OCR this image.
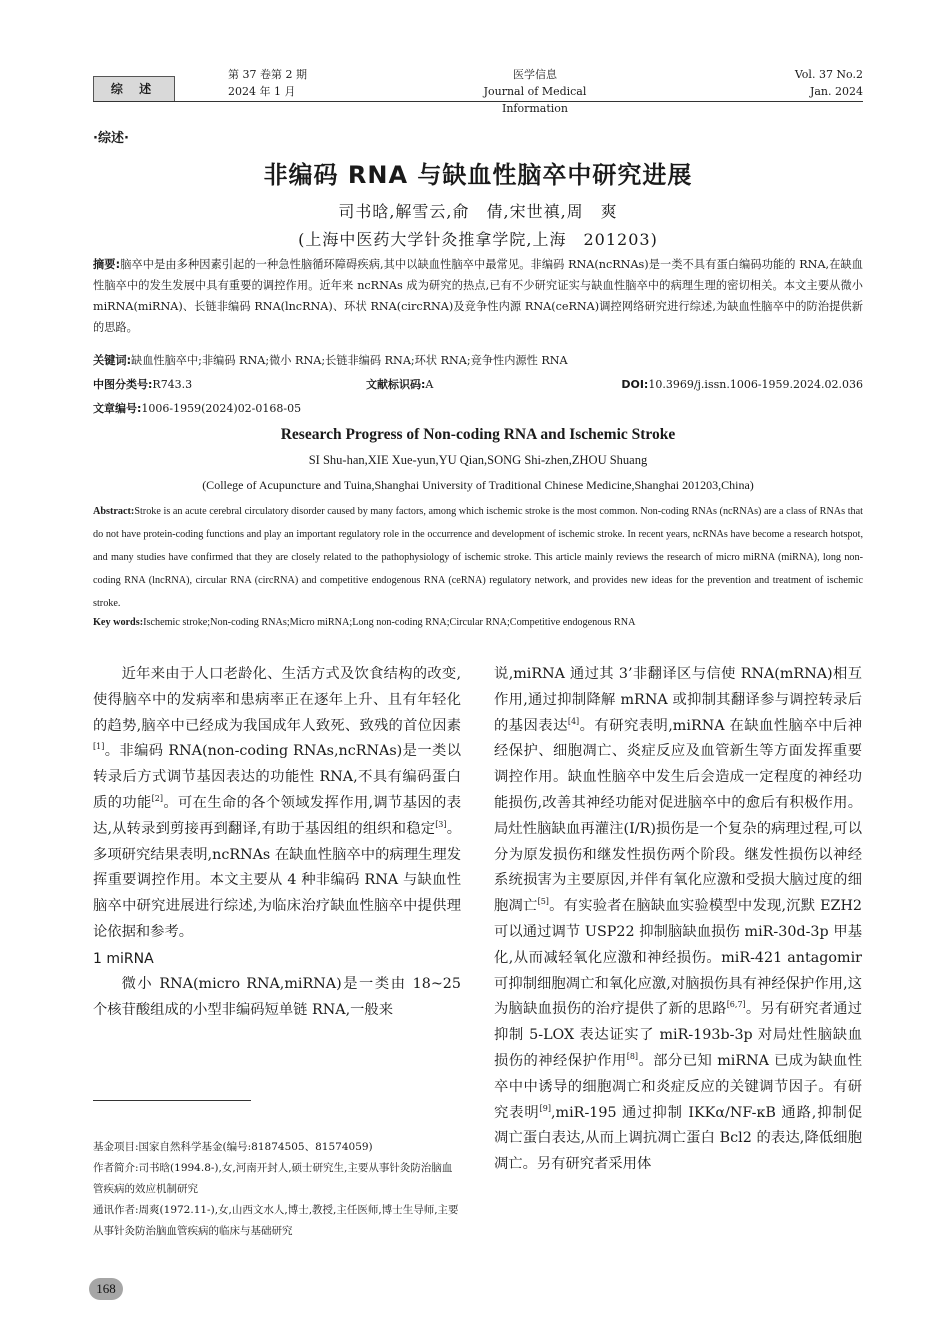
综 述
第 37 卷第 2 期
2024 年 1 月
医学信息
Journal of Medical Information
Vol. 37 No.2
Jan. 2024
·综述·
非编码 RNA 与缺血性脑卒中研究进展
司书晗,解雪云,俞　倩,宋世禛,周　爽
(上海中医药大学针灸推拿学院,上海　201203)
摘要:脑卒中是由多种因素引起的一种急性脑循环障碍疾病,其中以缺血性脑卒中最常见。非编码 RNA(ncRNAs)是一类不具有蛋白编码功能的 RNA,在缺血性脑卒中的发生发展中具有重要的调控作用。近年来 ncRNAs 成为研究的热点,已有不少研究证实与缺血性脑卒中的病理生理的密切相关。本文主要从微小 miRNA(miRNA)、长链非编码 RNA(lncRNA)、环状 RNA(circRNA)及竞争性内源 RNA(ceRNA)调控网络研究进行综述,为缺血性脑卒中的防治提供新的思路。
关键词:缺血性脑卒中;非编码 RNA;微小 RNA;长链非编码 RNA;环状 RNA;竞争性内源性 RNA
中图分类号:R743.3	文献标识码:A	DOI:10.3969/j.issn.1006-1959.2024.02.036
文章编号:1006-1959(2024)02-0168-05
Research Progress of Non-coding RNA and Ischemic Stroke
SI Shu-han,XIE Xue-yun,YU Qian,SONG Shi-zhen,ZHOU Shuang
(College of Acupuncture and Tuina,Shanghai University of Traditional Chinese Medicine,Shanghai 201203,China)
Abstract:Stroke is an acute cerebral circulatory disorder caused by many factors, among which ischemic stroke is the most common. Non-coding RNAs (ncRNAs) are a class of RNAs that do not have protein-coding functions and play an important regulatory role in the occurrence and development of ischemic stroke. In recent years, ncRNAs have become a research hotspot, and many studies have confirmed that they are closely related to the pathophysiology of ischemic stroke. This article mainly reviews the research of micro miRNA (miRNA), long non-coding RNA (lncRNA), circular RNA (circRNA) and competitive endogenous RNA (ceRNA) regulatory network, and provides new ideas for the prevention and treatment of ischemic stroke.
Key words:Ischemic stroke;Non-coding RNAs;Micro miRNA;Long non-coding RNA;Circular RNA;Competitive endogenous RNA

近年来由于人口老龄化、生活方式及饮食结构的改变,使得脑卒中的发病率和患病率正在逐年上升、且有年轻化的趋势,脑卒中已经成为我国成年人致死、致残的首位因素[1]。非编码 RNA(non-coding RNAs,ncRNAs)是一类以转录后方式调节基因表达的功能性 RNA,不具有编码蛋白质的功能[2]。可在生命的各个领域发挥作用,调节基因的表达,从转录到剪接再到翻译,有助于基因组的组织和稳定[3]。多项研究结果表明,ncRNAs 在缺血性脑卒中的病理生理发挥重要调控作用。本文主要从 4 种非编码 RNA 与缺血性脑卒中研究进展进行综述,为临床治疗缺血性脑卒中提供理论依据和参考。

1 miRNA

微小 RNA(micro RNA,miRNA)是一类由 18~25 个核苷酸组成的小型非编码短单链 RNA,一般来

说,miRNA 通过其 3’非翻译区与信使 RNA(mRNA)相互作用,通过抑制降解 mRNA 或抑制其翻译参与调控转录后的基因表达[4]。有研究表明,miRNA 在缺血性脑卒中后神经保护、细胞凋亡、炎症反应及血管新生等方面发挥重要调控作用。缺血性脑卒中发生后会造成一定程度的神经功能损伤,改善其神经功能对促进脑卒中的愈后有积极作用。局灶性脑缺血再灌注(I/R)损伤是一个复杂的病理过程,可以分为原发损伤和继发性损伤两个阶段。继发性损伤以神经系统损害为主要原因,并伴有氧化应激和受损大脑过度的细胞凋亡[5]。有实验者在脑缺血实验模型中发现,沉默 EZH2 可以通过调节 USP22 抑制脑缺血损伤 miR-30d-3p 甲基化,从而减轻氧化应激和神经损伤。miR-421 antagomir 可抑制细胞凋亡和氧化应激,对脑损伤具有神经保护作用,这为脑缺血损伤的治疗提供了新的思路[6,7]。另有研究者通过抑制 5-LOX 表达证实了 miR-193b-3p 对局灶性脑缺血损伤的神经保护作用[8]。部分已知 miRNA 已成为缺血性卒中中诱导的细胞凋亡和炎症反应的关键调节因子。有研究表明[9],miR-195 通过抑制 IKKα/NF-κB 通路,抑制促凋亡蛋白表达,从而上调抗凋亡蛋白 Bcl2 的表达,降低细胞凋亡。另有研究者采用体

基金项目:国家自然科学基金(编号:81874505、81574059)

作者简介:司书晗(1994.8-),女,河南开封人,硕士研究生,主要从事针灸防治脑血管疾病的效应机制研究

通讯作者:周爽(1972.11-),女,山西文水人,博士,教授,主任医师,博士生导师,主要从事针灸防治脑血管疾病的临床与基础研究

168
